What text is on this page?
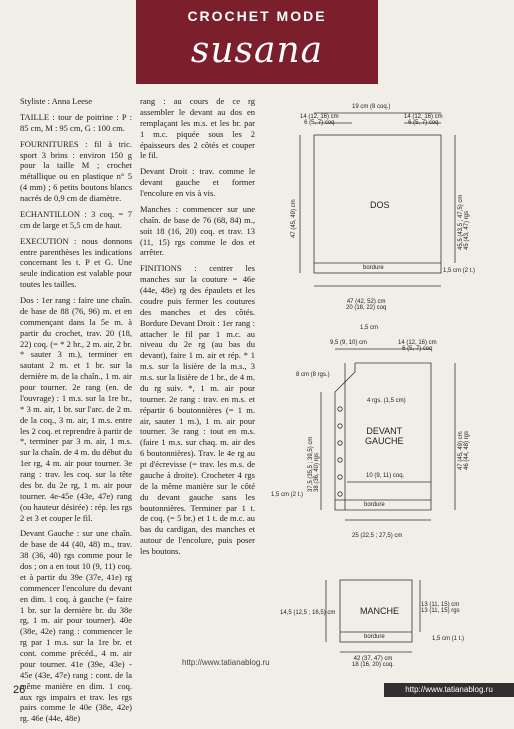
CROCHET MODE
susana

Styliste : Anna Leese

TAILLE : tour de poitrine : P : 85 cm, M : 95 cm, G : 100 cm.

FOURNITURES : fil à tric. sport 3 brins : environ 150 g pour la taille M ; crochet métallique ou en plastique n° 5 (4 mm) ; 6 petits boutons blancs nacrés de 0,9 cm de diamètre.

ECHANTILLON : 3 coq. = 7 cm de large et 5,5 cm de haut.

EXECUTION : nous donnons entre parenthèses les indications concernant les t. P et G. Une seule indication est valable pour toutes les tailles.

Dos : 1er rang : faire une chaîn. de base de 88 (76, 96) m. et en commençant dans la 5e m. à partir du crochet, trav. 20 (18, 22) coq. (= * 2 br., 2 m. air, 2 br. * sauter 3 m.), terminer en sautant 2 m. et 1 br. sur la dernière m. de la chaîn., 1 m. air pour tourner. 2e rang (en. de l'ouvrage) : 1 m.s. sur la 1re br., * 3 m. air, 1 br. sur l'arc. de 2 m. de la coq., 3 m. air, 1 m.s. entre les 2 coq. et reprendre à partir de *, terminer par 3 m. air, 1 m.s. sur la chaîn. de 4 m. du début du 1er rg, 4 m. air pour tourner. 3e rang : trav. les coq. sur la tête des br. du 2e rg, 1 m. air pour tourner. 4e-45e (43e, 47e) rang (ou hauteur désirée) : rép. les rgs 2 et 3 et couper le fil.

Devant Gauche : sur une chaîn. de base de 44 (40, 48) m., trav. 38 (36, 40) rgs comme pour le dos ; on a en tout 10 (9, 11) coq. et à partir du 39e (37e, 41e) rg commencer l'encolure du devant en dim. 1 coq. à gauche (= faire 1 br. sur la dernière br. du 38e rg, 1 m. air pour tourner). 40e (38e, 42e) rang : commencer le rg par 1 m.s. sur la 1re br. et cont. comme précéd., 4 m. air pour tourner. 41e (39e, 43e) - 45e (43e, 47e) rang : cont. de la même manière en dim. 1 coq. aux rgs impairs et trav. les rgs pairs comme le 40e (38e, 42e) rg. 46e (44e, 48e)

rang : au cours de ce rg assembler le devant au dos en remplaçant les m.s. et les br. par 1 m.c. piquée sous les 2 épaisseurs des 2 côtés et couper le fil.

Devant Droit : trav. comme le devant gauche et former l'encolure en vis à vis.

Manches : commencer sur une chaîn. de base de 76 (68, 84) m., soit 18 (16, 20) coq. et trav. 13 (11, 15) rgs comme le dos et arrêter.

FINITIONS : centrer les manches sur la couture = 46e (44e, 48e) rg des épaulets et les coudre puis fermer les coutures des manches et des côtés. Bordure Devant Droit : 1er rang : attacher le fil par 1 m.c. au niveau du 2e rg (au bas du devant), faire 1 m. air et rép. * 1 m.s. sur la lisière de la m.s., 3 m.s. sur la lisière de 1 br., de 4 m. du rg suiv. *, 1 m. air pour tourner. 2e rang : trav. en m.s. et répartir 6 boutonnières (= 1 m. air, sauter 1 m.), 1 m. air pour tourner. 3e rang : tout en m.s. (faire 1 m.s. sur chaq. m. air des 6 boutonnières). Trav. le 4e rg au pt d'écrevisse (= trav. les m.s. de gauche à droite). Crocheter 4 rgs de la même manière sur le côté du devant gauche sans les boutonnières. Terminer par 1 t. de coq. (= 5 br.) et 1 t. de m.c. au bas du cardigan, des manches et autour de l'encolure, puis poser les boutons.

DOS
bordure
19 cm (8 coq.)
14 (12, 16) cm
6 (5, 7) coq
14 (12, 16) cm
6 (5, 7) coq
47 (45, 49) cm
45,5 (43,5 ; 47,5) cm
45 (43, 47) rgs
1,5 cm (2 t.)
47 (42, 52) cm
20 (18, 22) coq
DEVANT
GAUCHE
bordure
1,5 cm
9,5 (9, 10) cm	14 (12, 16) cm
6 (5, 7) coq
8 cm (8 rgs.)
4 rgs. (1,5 cm)
37,5 (35,5 ; 39,5) cm
38 (36, 40) rgs
47 (45, 49) cm
46 (44, 48) rgs
10 (9, 11) coq.
1,5 cm (2 t.)
25 (22,5 ; 27,5) cm
MANCHE
bordure
14,5 (12,5 ; 16,5) cm
13 (11, 15) cm
13 (11, 15) rgs
1,5 cm (1 t.)
42 (37, 47) cm
18 (16, 20) coq.
http://www.tatianablog.ru
26	http://www.tatianablog.ru
